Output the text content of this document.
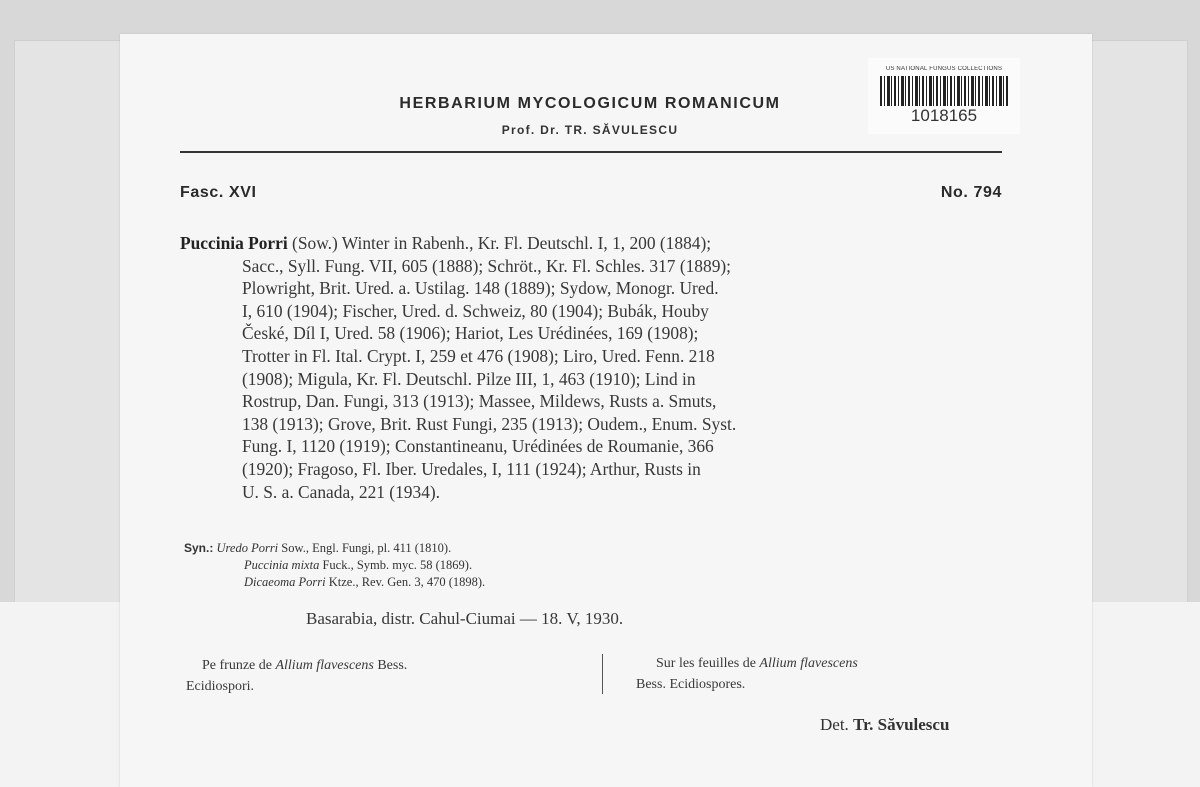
US NATIONAL FUNGUS COLLECTIONS
1018165
HERBARIUM MYCOLOGICUM ROMANICUM
Prof. Dr. TR. SĂVULESCU
Fasc. XVI	No. 794
Puccinia Porri (Sow.) Winter in Rabenh., Kr. Fl. Deutschl. I, 1, 200 (1884);
Sacc., Syll. Fung. VII, 605 (1888); Schröt., Kr. Fl. Schles. 317 (1889);
Plowright, Brit. Ured. a. Ustilag. 148 (1889); Sydow, Monogr. Ured.
I, 610 (1904); Fischer, Ured. d. Schweiz, 80 (1904); Bubák, Houby
České, Díl I, Ured. 58 (1906); Hariot, Les Urédinées, 169 (1908);
Trotter in Fl. Ital. Crypt. I, 259 et 476 (1908); Liro, Ured. Fenn. 218
(1908); Migula, Kr. Fl. Deutschl. Pilze III, 1, 463 (1910); Lind in
Rostrup, Dan. Fungi, 313 (1913); Massee, Mildews, Rusts a. Smuts,
138 (1913); Grove, Brit. Rust Fungi, 235 (1913); Oudem., Enum. Syst.
Fung. I, 1120 (1919); Constantineanu, Urédinées de Roumanie, 366
(1920); Fragoso, Fl. Iber. Uredales, I, 111 (1924); Arthur, Rusts in
U. S. a. Canada, 221 (1934).
Syn.: Uredo Porri Sow., Engl. Fungi, pl. 411 (1810).
Puccinia mixta Fuck., Symb. myc. 58 (1869).
Dicaeoma Porri Ktze., Rev. Gen. 3, 470 (1898).
Basarabia, distr. Cahul-Ciumai — 18. V, 1930.
Pe frunze de Allium flavescens Bess.
Ecidiospori.
Sur les feuilles de Allium flavescens
Bess. Ecidiospores.
Det. Tr. Săvulescu
